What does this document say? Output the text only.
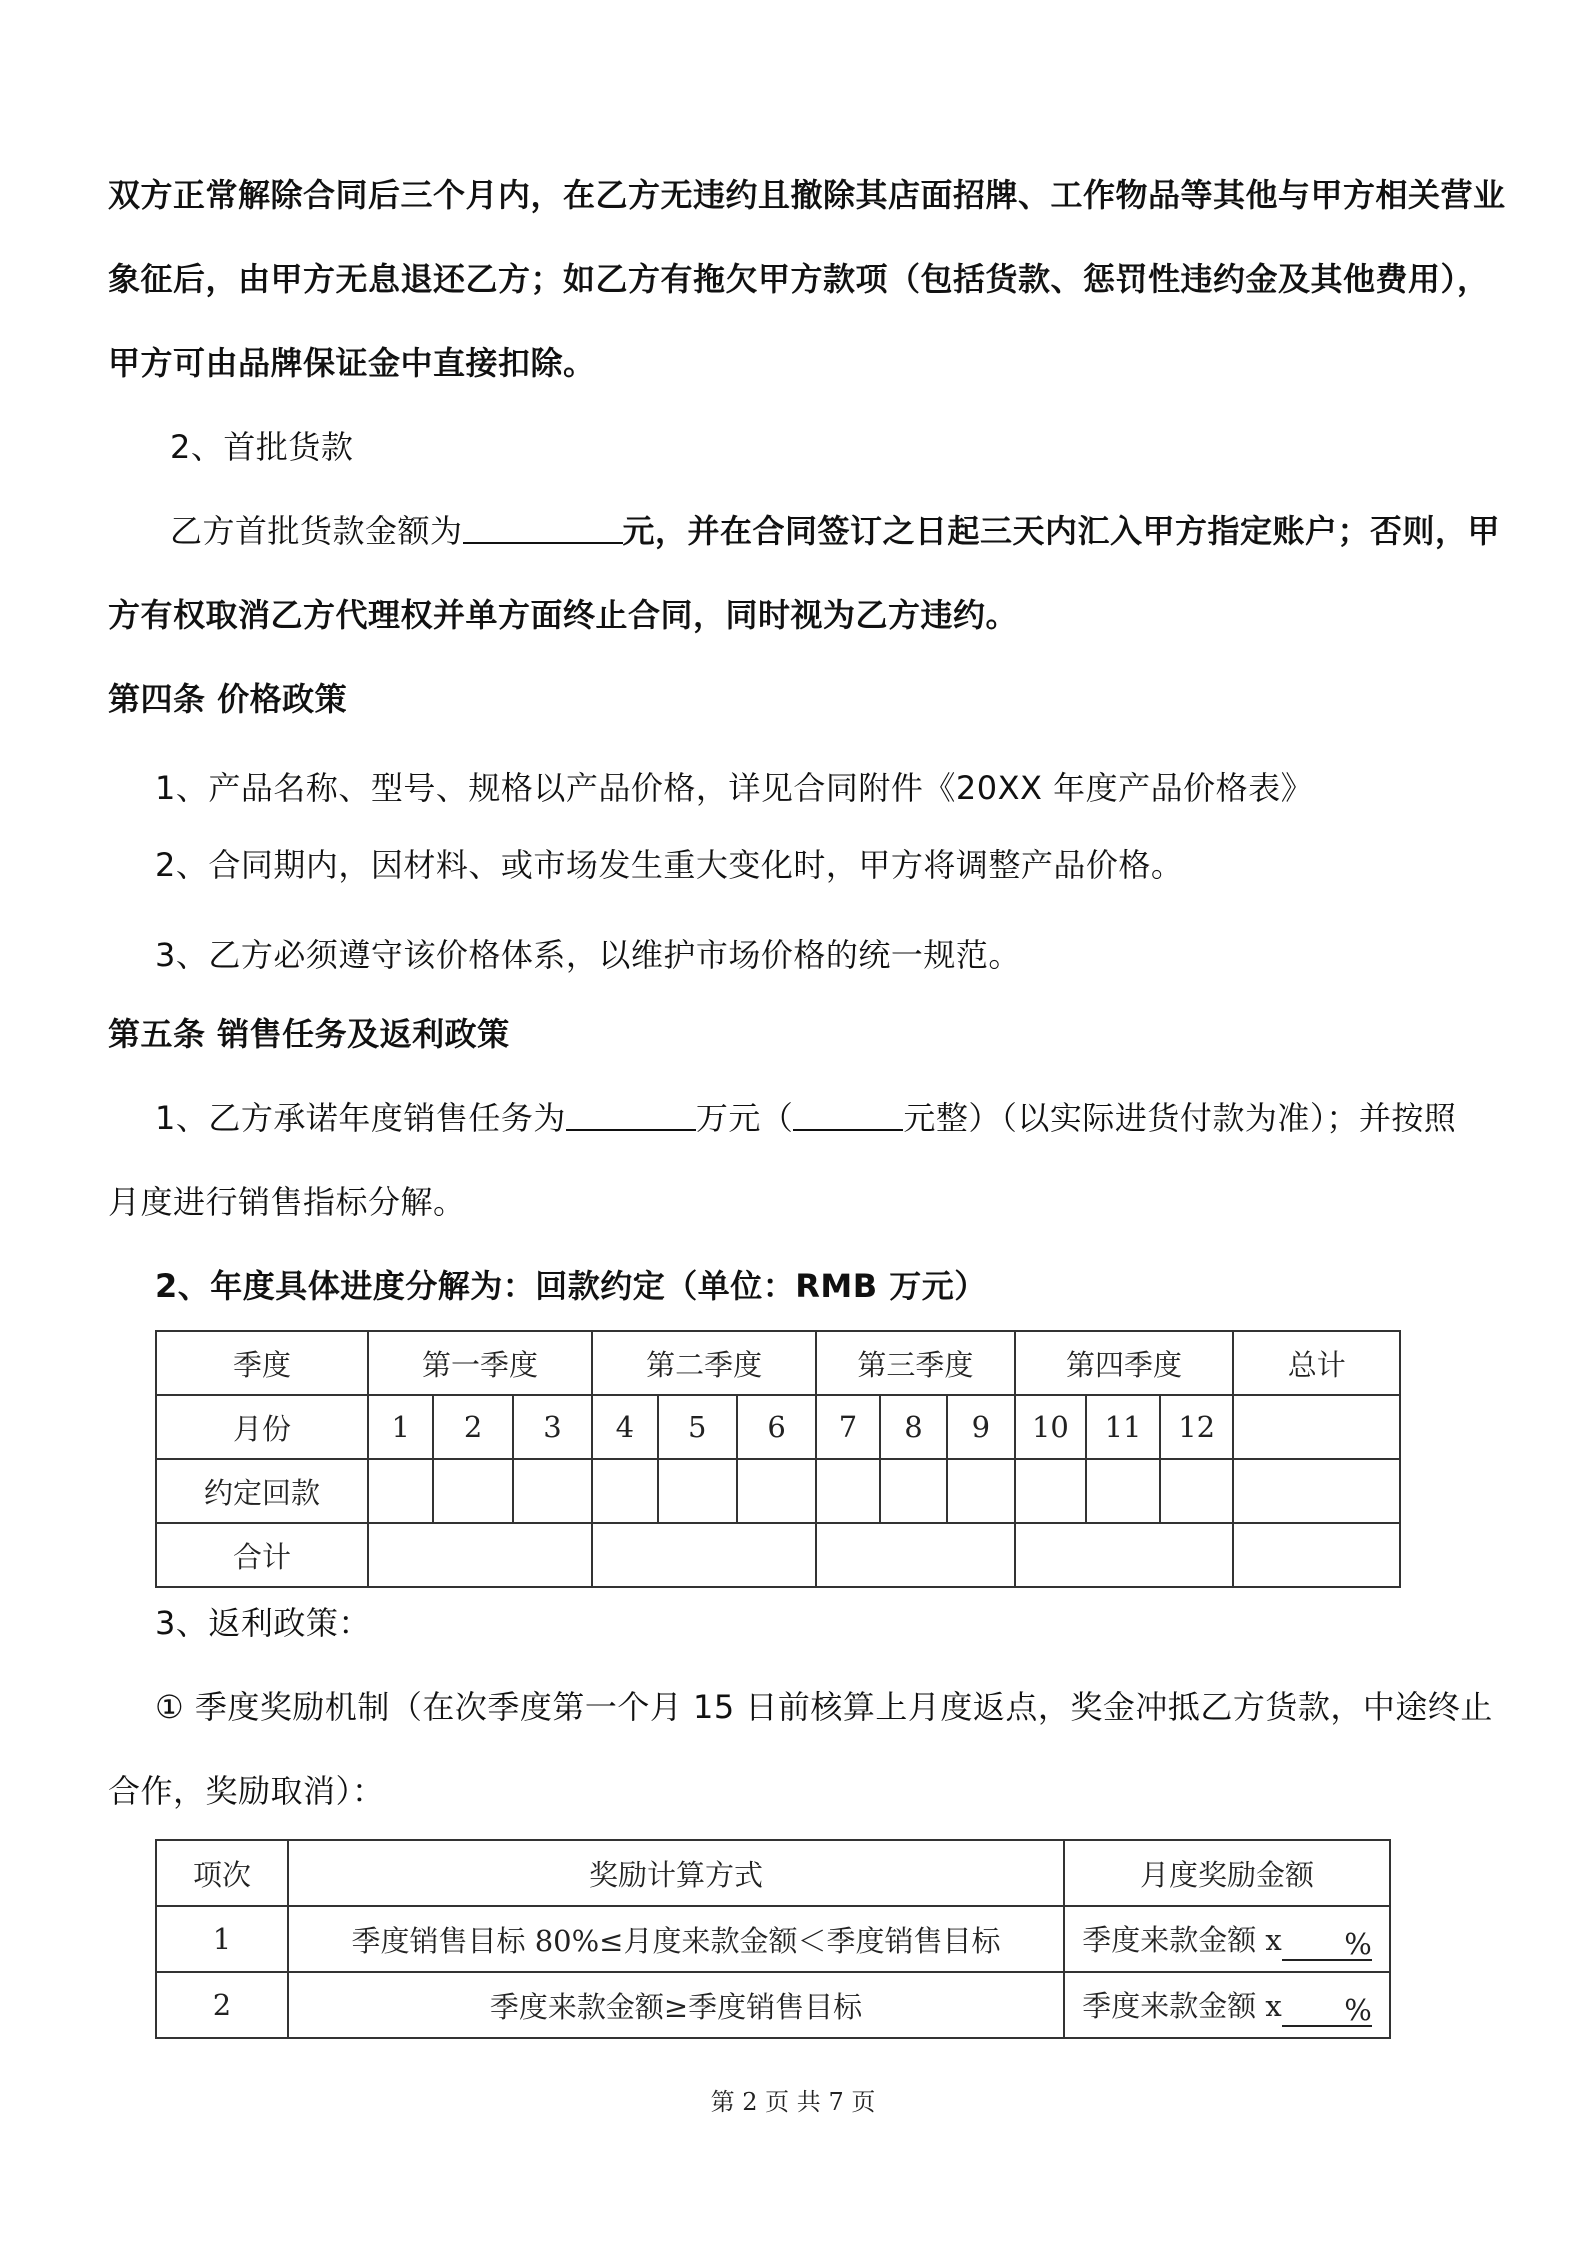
双方正常解除合同后三个月内，在乙方无违约且撤除其店面招牌、工作物品等其他与甲方相关营业
象征后，由甲方无息退还乙方；如乙方有拖欠甲方款项（包括货款、惩罚性违约金及其他费用），
甲方可由品牌保证金中直接扣除。
2、首批货款
乙方首批货款金额为	元，并在合同签订之日起三天内汇入甲方指定账户；否则，甲
方有权取消乙方代理权并单方面终止合同，同时视为乙方违约。
第四条 价格政策
1、产品名称、型号、规格以产品价格，详见合同附件《20XX 年度产品价格表》
2、合同期内，因材料、或市场发生重大变化时，甲方将调整产品价格。
3、乙方必须遵守该价格体系，以维护市场价格的统一规范。
第五条 销售任务及返利政策
1、乙方承诺年度销售任务为	万元（	元整）（以实际进货付款为准）；并按照
月度进行销售指标分解。
2、年度具体进度分解为：回款约定（单位：RMB 万元）
季度	第一季度			第二季度			第三季度			第四季度			总计
月份	1	2	3	4	5	6	7	8	9	10	11	12	
约定回款													
合计													
3、返利政策：
① 季度奖励机制（在次季度第一个月 15 日前核算上月度返点，奖金冲抵乙方货款，中途终止
合作，奖励取消）：
项次	奖励计算方式	月度奖励金额
1	季度销售目标 80%≤月度来款金额＜季度销售目标	季度来款金额 x %
2	季度来款金额≥季度销售目标	季度来款金额 x %
第 2 页 共 7 页
